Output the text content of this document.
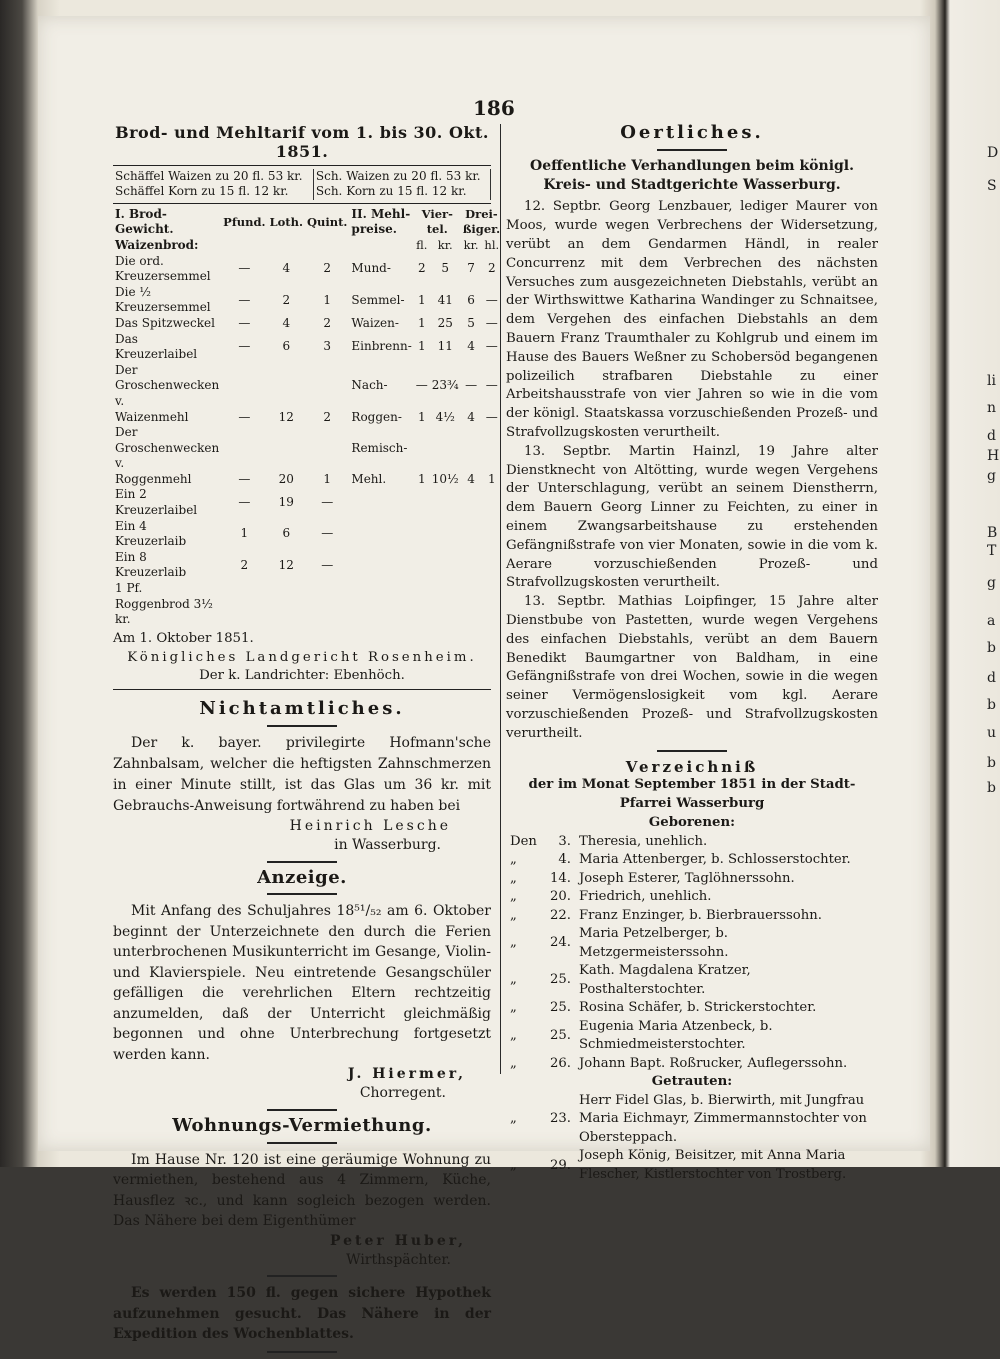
186
Brod- und Mehltarif vom 1. bis 30. Okt. 1851.
Schäffel Waizen zu 20 fl. 53 kr.	Sch. Waizen zu 20 fl. 53 kr.
Schäffel Korn zu 15 fl. 12 kr.	Sch. Korn zu 15 fl. 12 kr.
I. Brod-Gewicht.	Pfund.	Loth.	Quint.	II. Mehl-preise.	Vier-tel.		Drei-ßiger.	
Waizenbrod:					fl.	kr.	kr.	hl.
Die ord. Kreuzersemmel	—	4	2	Mund-	2	5	7	2
Die ½ Kreuzersemmel	—	2	1	Semmel-	1	41	6	—
Das Spitzweckel	—	4	2	Waizen-	1	25	5	—
Das Kreuzerlaibel	—	6	3	Einbrenn-	1	11	4	—
Der Groschenwecken v.				Nach-	—	23¾	—	—
Waizenmehl	—	12	2	Roggen-	1	4½	4	—
Der Groschenwecken v.				Remisch-				
Roggenmehl	—	20	1	Mehl.	1	10½	4	1
Ein 2 Kreuzerlaibel	—	19	—					
Ein 4 Kreuzerlaib	1	6	—					
Ein 8 Kreuzerlaib	2	12	—					
1 Pf. Roggenbrod 3½ kr.								
Am 1. Oktober 1851.
Königliches Landgericht Rosenheim.
Der k. Landrichter: Ebenhöch.
Nichtamtliches.
Der k. bayer. privilegirte Hofmann'sche Zahnbalsam, welcher die heftigsten Zahnschmerzen in einer Minute stillt, ist das Glas um 36 kr. mit Gebrauchs-Anweisung fortwährend zu haben bei
Heinrich Lesche
in Wasserburg.
Anzeige.
Mit Anfang des Schuljahres 18⁵¹/₅₂ am 6. Oktober beginnt der Unterzeichnete den durch die Ferien unterbrochenen Musikunterricht im Gesange, Violin- und Klavierspiele. Neu eintretende Gesangschüler gefälligen die verehrlichen Eltern rechtzeitig anzumelden, daß der Unterricht gleichmäßig begonnen und ohne Unterbrechung fortgesetzt werden kann.
J. Hiermer,
Chorregent.
Wohnungs-Vermiethung.
Im Hause Nr. 120 ist eine geräumige Wohnung zu vermiethen, bestehend aus 4 Zimmern, Küche, Hausflez ꝛc., und kann sogleich bezogen werden. Das Nähere bei dem Eigenthümer
Peter Huber,
Wirthspächter.
Es werden 150 fl. gegen sichere Hypothek aufzunehmen gesucht. Das Nähere in der Expedition des Wochenblattes.
Oertliches.
Oeffentliche Verhandlungen beim königl. Kreis- und Stadtgerichte Wasserburg.
12. Septbr. Georg Lenzbauer, lediger Maurer von Moos, wurde wegen Verbrechens der Widersetzung, verübt an dem Gendarmen Händl, in realer Concurrenz mit dem Verbrechen des nächsten Versuches zum ausgezeichneten Diebstahls, verübt an der Wirthswittwe Katharina Wandinger zu Schnaitsee, dem Vergehen des einfachen Diebstahls an dem Bauern Franz Traumthaler zu Kohlgrub und einem im Hause des Bauers Weßner zu Schobersöd begangenen polizeilich strafbaren Diebstahle zu einer Arbeitshausstrafe von vier Jahren so wie in die vom der königl. Staatskassa vorzuschießenden Prozeß- und Strafvollzugskosten verurtheilt.
13. Septbr. Martin Hainzl, 19 Jahre alter Dienstknecht von Altötting, wurde wegen Vergehens der Unterschlagung, verübt an seinem Dienstherrn, dem Bauern Georg Linner zu Feichten, zu einer in einem Zwangsarbeitshause zu erstehenden Gefängnißstrafe von vier Monaten, sowie in die vom k. Aerare vorzuschießenden Prozeß- und Strafvollzugskosten verurtheilt.
13. Septbr. Mathias Loipfinger, 15 Jahre alter Dienstbube von Pastetten, wurde wegen Vergehens des einfachen Diebstahls, verübt an dem Bauern Benedikt Baumgartner von Baldham, in eine Gefängnißstrafe von drei Wochen, sowie in die wegen seiner Vermögenslosigkeit vom kgl. Aerare vorzuschießenden Prozeß- und Strafvollzugskosten verurtheilt.
Verzeichniß
der im Monat September 1851 in der Stadt-Pfarrei Wasserburg
Geborenen:
Den	3.	Theresia, unehlich.
„	4.	Maria Attenberger, b. Schlosserstochter.
„	14.	Joseph Esterer, Taglöhnerssohn.
„	20.	Friedrich, unehlich.
„	22.	Franz Enzinger, b. Bierbrauerssohn.
„	24.	Maria Petzelberger, b. Metzgermeisterssohn.
„	25.	Kath. Magdalena Kratzer, Posthalterstochter.
„	25.	Rosina Schäfer, b. Strickerstochter.
„	25.	Eugenia Maria Atzenbeck, b. Schmiedmeisterstochter.
„	26.	Johann Bapt. Roßrucker, Auflegerssohn.
Getrauten:
„	23.	Herr Fidel Glas, b. Bierwirth, mit Jungfrau Maria Eichmayr, Zimmermannstochter von Obersteppach.
„	29.	Joseph König, Beisitzer, mit Anna Maria Flescher, Kistlerstochter von Trostberg.
D
S
li
n
d
H
g
B
T
g
a
b
d
b
u
b
b
